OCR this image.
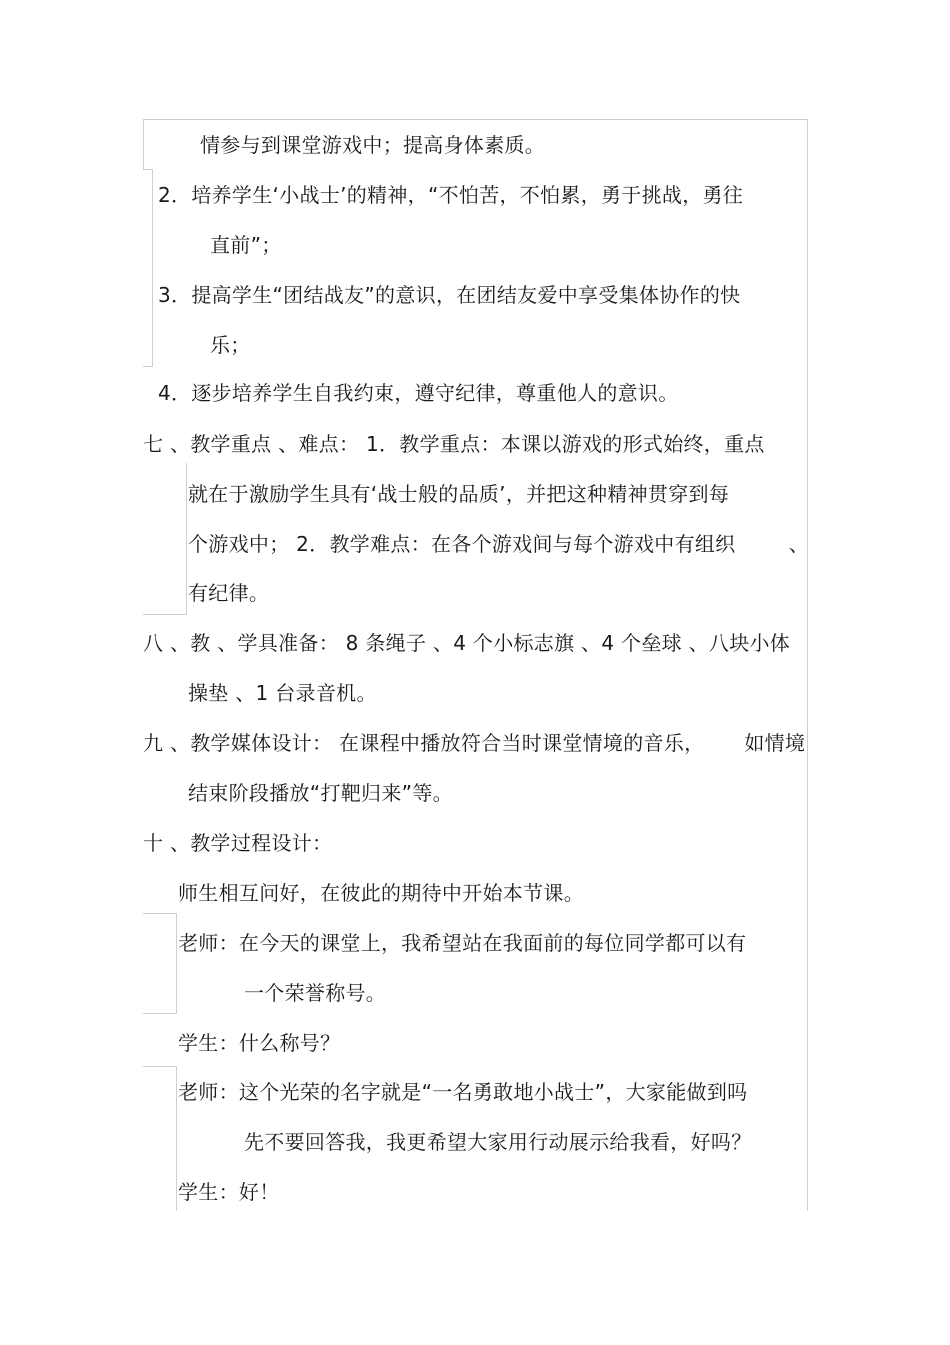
情参与到课堂游戏中；提高身体素质。
2．培养学生‘小战士’的精神，“不怕苦，不怕累，勇于挑战，勇往
直前”；
3．提高学生“团结战友”的意识，在团结友爱中享受集体协作的快
乐；
4．逐步培养学生自我约束，遵守纪律，尊重他人的意识。
七 、教学重点 、难点： 1．教学重点：本课以游戏的形式始终，重点
就在于激励学生具有‘战士般的品质’，并把这种精神贯穿到每
个游戏中； 2．教学难点：在各个游戏间与每个游戏中有组织        、
有纪律。
八 、教 、学具准备： 8 条绳子 、4 个小标志旗 、4 个垒球 、八块小体
操垫 、1 台录音机。
九 、教学媒体设计： 在课程中播放符合当时课堂情境的音乐，      如情境
结束阶段播放“打靶归来”等。
十 、教学过程设计：
师生相互问好，在彼此的期待中开始本节课。
老师：在今天的课堂上，我希望站在我面前的每位同学都可以有
一个荣誉称号。
学生：什么称号？
老师：这个光荣的名字就是“一名勇敢地小战士”，大家能做到吗
先不要回答我，我更希望大家用行动展示给我看，好吗？
学生：好！
